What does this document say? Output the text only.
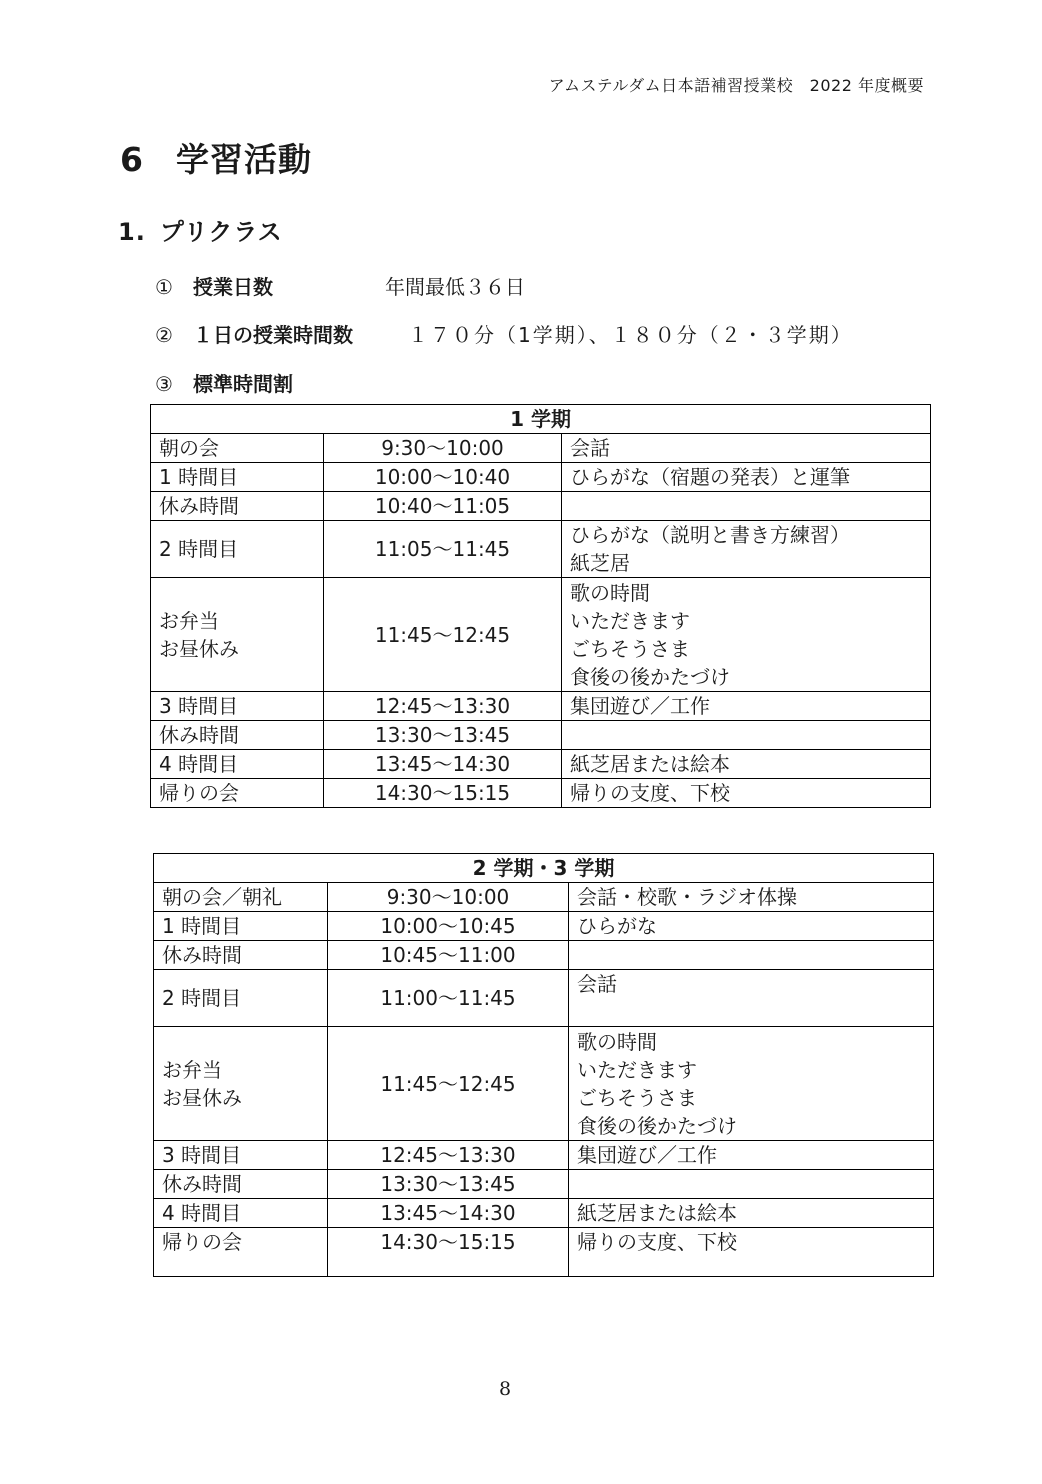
アムステルダム日本語補習授業校　2022 年度概要
6 学習活動
1. プリクラス
① 授業日数	年間最低３６日
② １日の授業時間数	１７０分（1学期）、１８０分（２・３学期）
③ 標準時間割
1 学期		
朝の会	9:30〜10:00	会話
1 時間目	10:00〜10:40	ひらがな（宿題の発表）と運筆
休み時間	10:40〜11:05	
2 時間目	11:05〜11:45	ひらがな（説明と書き方練習）
紙芝居
お弁当
お昼休み	11:45〜12:45	歌の時間
いただきます
ごちそうさま
食後の後かたづけ
3 時間目	12:45〜13:30	集団遊び／工作
休み時間	13:30〜13:45	
4 時間目	13:45〜14:30	紙芝居または絵本
帰りの会	14:30〜15:15	帰りの支度、下校
2 学期・3 学期		
朝の会／朝礼	9:30〜10:00	会話・校歌・ラジオ体操
1 時間目	10:00〜10:45	ひらがな
休み時間	10:45〜11:00	
2 時間目	11:00〜11:45	会話
お弁当
お昼休み	11:45〜12:45	歌の時間
いただきます
ごちそうさま
食後の後かたづけ
3 時間目	12:45〜13:30	集団遊び／工作
休み時間	13:30〜13:45	
4 時間目	13:45〜14:30	紙芝居または絵本
帰りの会	14:30〜15:15	帰りの支度、下校
8
